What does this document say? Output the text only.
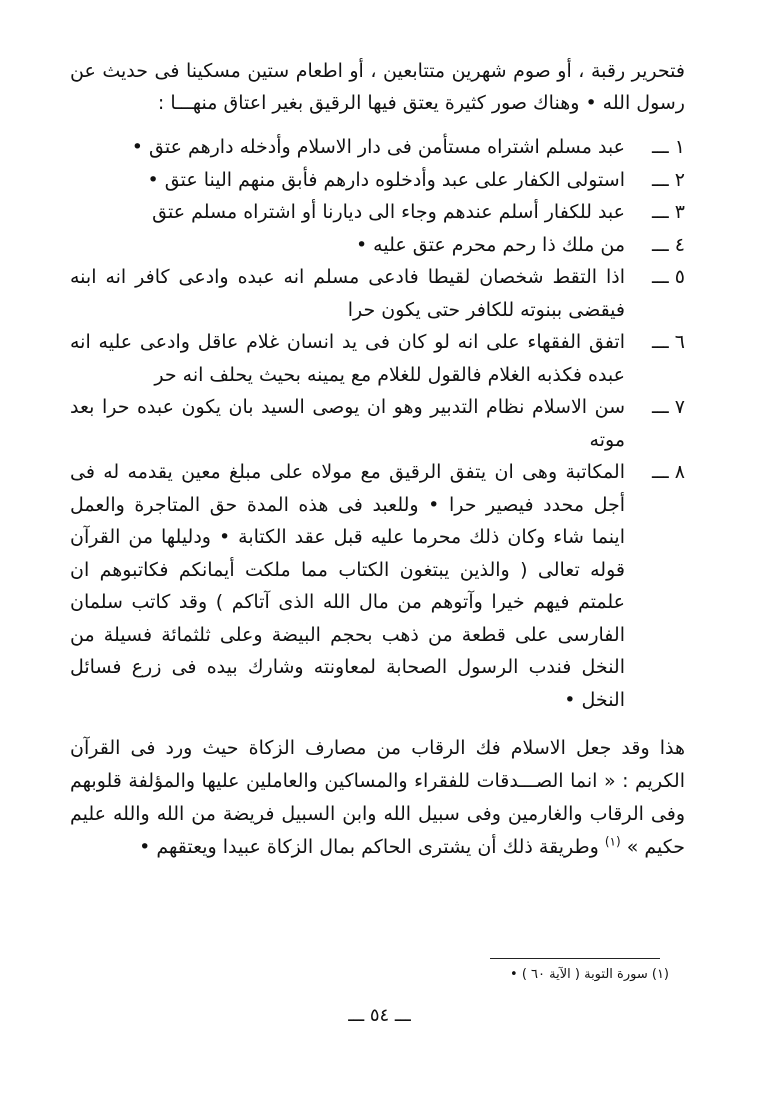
فتحرير رقبة ، أو صوم شهرين متتابعين ، أو اطعام ستين مسكينا فى حديث عن رسول الله • وهناك صور كثيرة يعتق فيها الرقيق بغير اعتاق منهـــا :

١ ـــ
عبد مسلم اشتراه مستأمن فى دار الاسلام وأدخله دارهم عتق •
٢ ـــ
استولى الكفار على عبد وأدخلوه دارهم فأبق منهم الينا عتق •
٣ ـــ
عبد للكفار أسلم عندهم وجاء الى ديارنا أو اشتراه مسلم عتق
٤ ـــ
من ملك ذا رحم محرم عتق عليه •
٥ ـــ
اذا التقط شخصان لقيطا فادعى مسلم انه عبده وادعى كافر انه ابنه فيقضى ببنوته للكافر حتى يكون حرا
٦ ـــ
اتفق الفقهاء على انه لو كان فى يد انسان غلام عاقل وادعى عليه انه عبده فكذبه الغلام فالقول للغلام مع يمينه بحيث يحلف انه حر
٧ ـــ
سن الاسلام نظام التدبير وهو ان يوصى السيد بان يكون عبده حرا بعد موته
٨ ـــ
المكاتبة وهى ان يتفق الرقيق مع مولاه على مبلغ معين يقدمه له فى أجل محدد فيصير حرا • وللعبد فى هذه المدة حق المتاجرة والعمل اينما شاء وكان ذلك محرما عليه قبل عقد الكتابة • ودليلها من القرآن قوله تعالى ( والذين يبتغون الكتاب مما ملكت أيمانكم فكاتبوهم ان علمتم فيهم خيرا وآتوهم من مال الله الذى آتاكم ) وقد كاتب سلمان الفارسى على قطعة من ذهب بحجم البيضة وعلى ثلثمائة فسيلة من النخل فندب الرسول الصحابة لمعاونته وشارك بيده فى زرع فسائل النخل •

هذا وقد جعل الاسلام فك الرقاب من مصارف الزكاة حيث ورد فى القرآن الكريم : « انما الصـــدقات للفقراء والمساكين والعاملين عليها والمؤلفة قلوبهم وفى الرقاب والغارمين وفى سبيل الله وابن السبيل فريضة من الله والله عليم حكيم » $^{(١)}$ وطريقة ذلك أن يشترى الحاكم بمال الزكاة عبيدا ويعتقهم •

(١) سورة التوبة ( الآية ٦٠ ) •
ـــ ٥٤ ـــ
